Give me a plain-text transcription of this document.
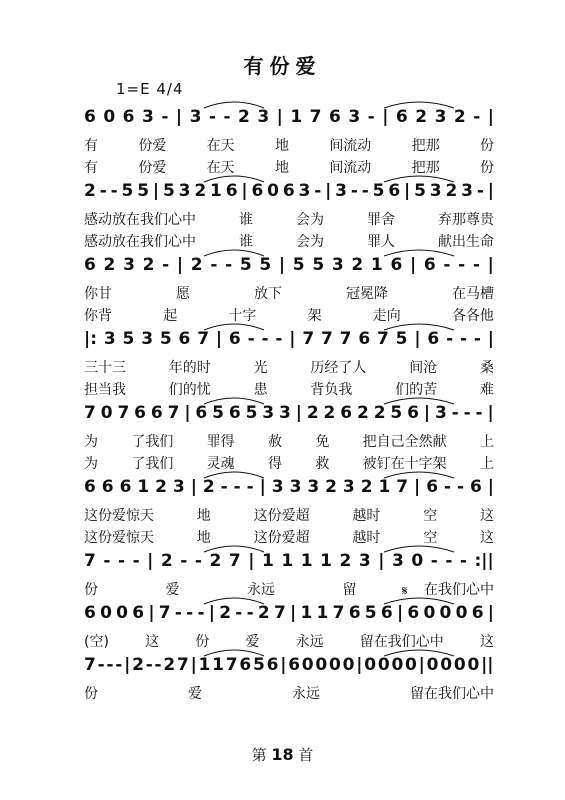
有份爱
1=E 4/4
6 0 6 3 - | 3 - - 2 3 | 1 7 6 3 - | 6 2 3 2 - |
有	份爱	在天	地	间流动	把那	份
有	份爱	在天	地	间流动	把那	份
2 - - 5 5 | 5 3 2 1 6 | 6 0 6 3 - | 3 - - 5 6 | 5 3 2 3 - |
感动放在我们心中	谁	会为	罪舍	弃那尊贵
感动放在我们心中	谁	会为	罪人	献出生命
6 2 3 2 - | 2 - - 5 5 | 5 5 3 2 1 6 | 6 - - - |
你甘	愿	放下	冠冕降	在马槽
你背	起	十字	架	走向	各各他
|: 3 5 3 5 6 7 | 6 - - - | 7 7 7 6 7 5 | 6 - - - |
三十三	年的时	光	历经了人	间沧	桑
担当我	们的忧	患	背负我	们的苦	难
7 0 7 6 6 7 | 6 5 6 5 3 3 | 2 2 6 2 2 5 6 | 3 - - - |
为 了我们 罪得 赦 免 把自己全然献 上
为 了我们 灵魂 得 救 被钉在十字架 上
6 6 6 1 2 3 | 2 - - - | 3 3 3 2 3 2 1 7 | 6 - - 6 |
这份爱惊天	地	这份爱超	越时	空	这
这份爱惊天	地	这份爱超	越时	空	这
7 - - - | 2 - - 2 7 | 1 1 1 1 2 3 | 3 0 - - - :||
份	爱	永远	留	在我们心中
6 0 0 6 | 7 - - - | 2 - - 2 7 | 1 1 7 6 5 6 | 6 0 0 0 6 |
(空)	这	份	爱	永远	留在我们心中	这
𝄋
7 - - - | 2 - - 2 7 | 1 1 7 6 5 6 | 6 0 0 0 0 | 0 0 0 0 | 0 0 0 0 ||
份	爱	永远	留在我们心中
第 18 首
